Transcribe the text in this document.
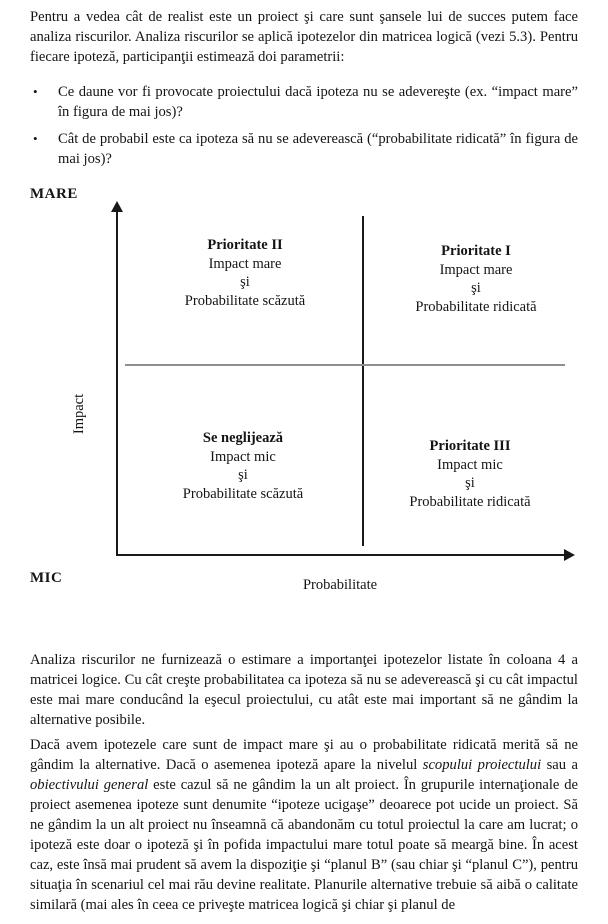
Pentru a vedea cât de realist este un proiect şi care sunt şansele lui de succes putem face analiza riscurilor. Analiza riscurilor se aplică ipotezelor din matricea logică (vezi 5.3). Pentru fiecare ipoteză, participanţii estimează doi parametrii:

•	Ce daune vor fi provocate proiectului dacă ipoteza nu se adevereşte (ex. “impact mare” în figura de mai jos)?

•	Cât de probabil este ca ipoteza să nu se adeverească (“probabilitate ridicată” în figura de mai jos)?

MARE
Impact
Prioritate II
Impact mare
şi
Probabilitate scăzută
Prioritate I
Impact mare
şi
Probabilitate ridicată
Se neglijează
Impact mic
şi
Probabilitate scăzută
Prioritate III
Impact mic
şi
Probabilitate ridicată
MIC	Probabilitate

Analiza riscurilor ne furnizează o estimare a importanţei ipotezelor listate în coloana 4 a matricei logice. Cu cât creşte probabilitatea ca ipoteza să nu se adeverească şi cu cât impactul este mai mare conducând la eşecul proiectului, cu atât este mai important să ne gândim la alternative posibile.

Dacă avem ipotezele care sunt de impact mare şi au o probabilitate ridicată merită să ne gândim la alternative. Dacă o asemenea ipoteză apare la nivelul scopului proiectului sau a obiectivului general este cazul să ne gândim la un alt proiect. În grupurile internaţionale de proiect asemenea ipoteze sunt denumite “ipoteze ucigaşe” deoarece pot ucide un proiect. Să ne gândim la un alt proiect nu înseamnă că abandonăm cu totul proiectul la care am lucrat; o ipoteză este doar o ipoteză şi în pofida impactului mare totul poate să meargă bine. În acest caz, este însă mai prudent să avem la dispoziţie şi “planul B” (sau chiar şi “planul C”), pentru situaţia în scenariul cel mai rău devine realitate. Planurile alternative trebuie să aibă o calitate similară (mai ales în ceea ce priveşte matricea logică şi chiar şi planul de
